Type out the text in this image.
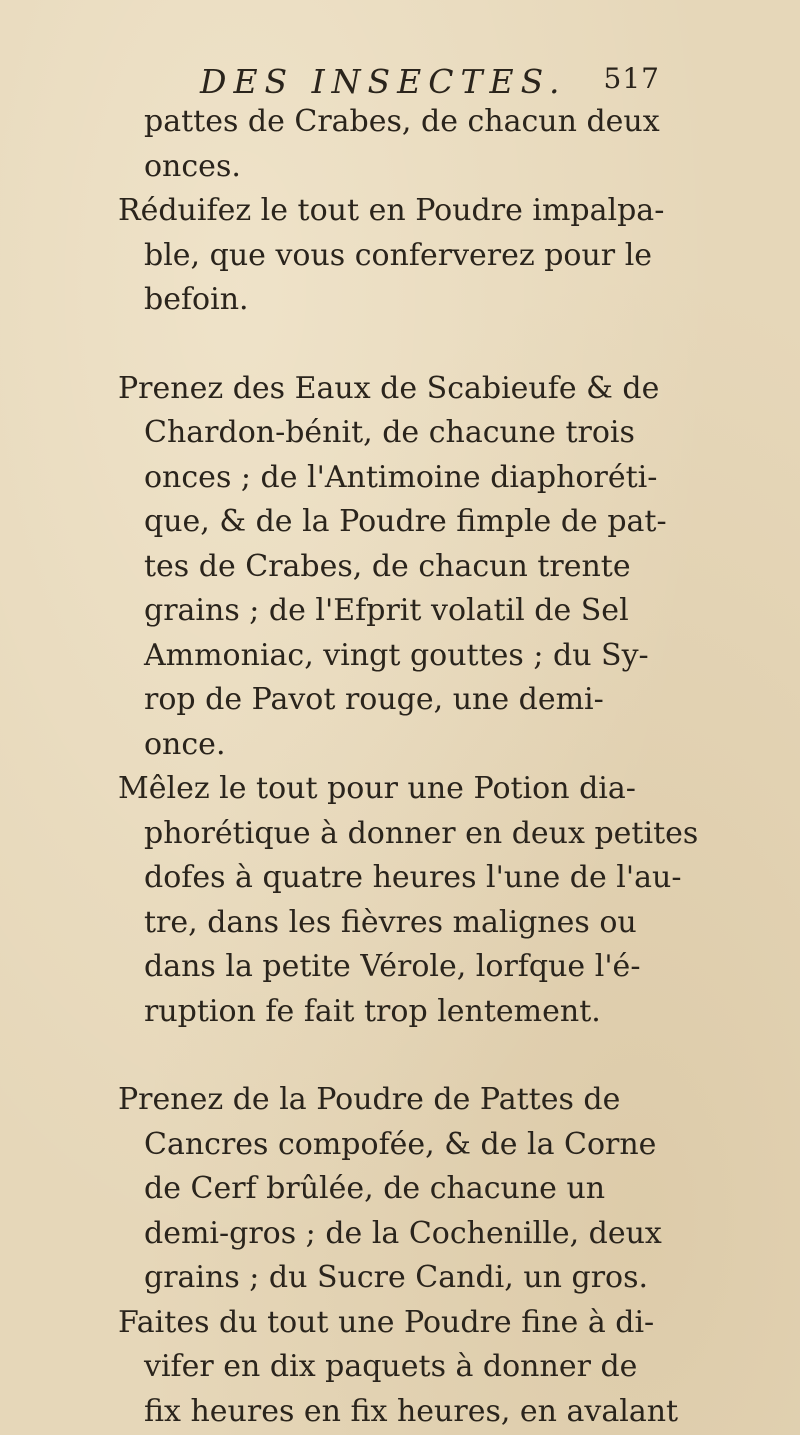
DES INSECTES. 517
pattes de Crabes, de chacun deux
onces.
Réduifez le tout en Poudre impalpa-
ble, que vous conferverez pour le
befoin.
Prenez des Eaux de Scabieufe & de
Chardon-bénit, de chacune trois
onces ; de l'Antimoine diaphoréti-
que, & de la Poudre fimple de pat-
tes de Crabes, de chacun trente
grains ; de l'Efprit volatil de Sel
Ammoniac, vingt gouttes ; du Sy-
rop de Pavot rouge, une demi-
once.
Mêlez le tout pour une Potion dia-
phorétique à donner en deux petites
dofes à quatre heures l'une de l'au-
tre, dans les fièvres malignes ou
dans la petite Vérole, lorfque l'é-
ruption fe fait trop lentement.
Prenez de la Poudre de Pattes de
Cancres compofée, & de la Corne
de Cerf brûlée, de chacune un
demi-gros ; de la Cochenille, deux
grains ; du Sucre Candi, un gros.
Faites du tout une Poudre fine à di-
vifer en dix paquets à donner de
fix heures en fix heures, en avalant
